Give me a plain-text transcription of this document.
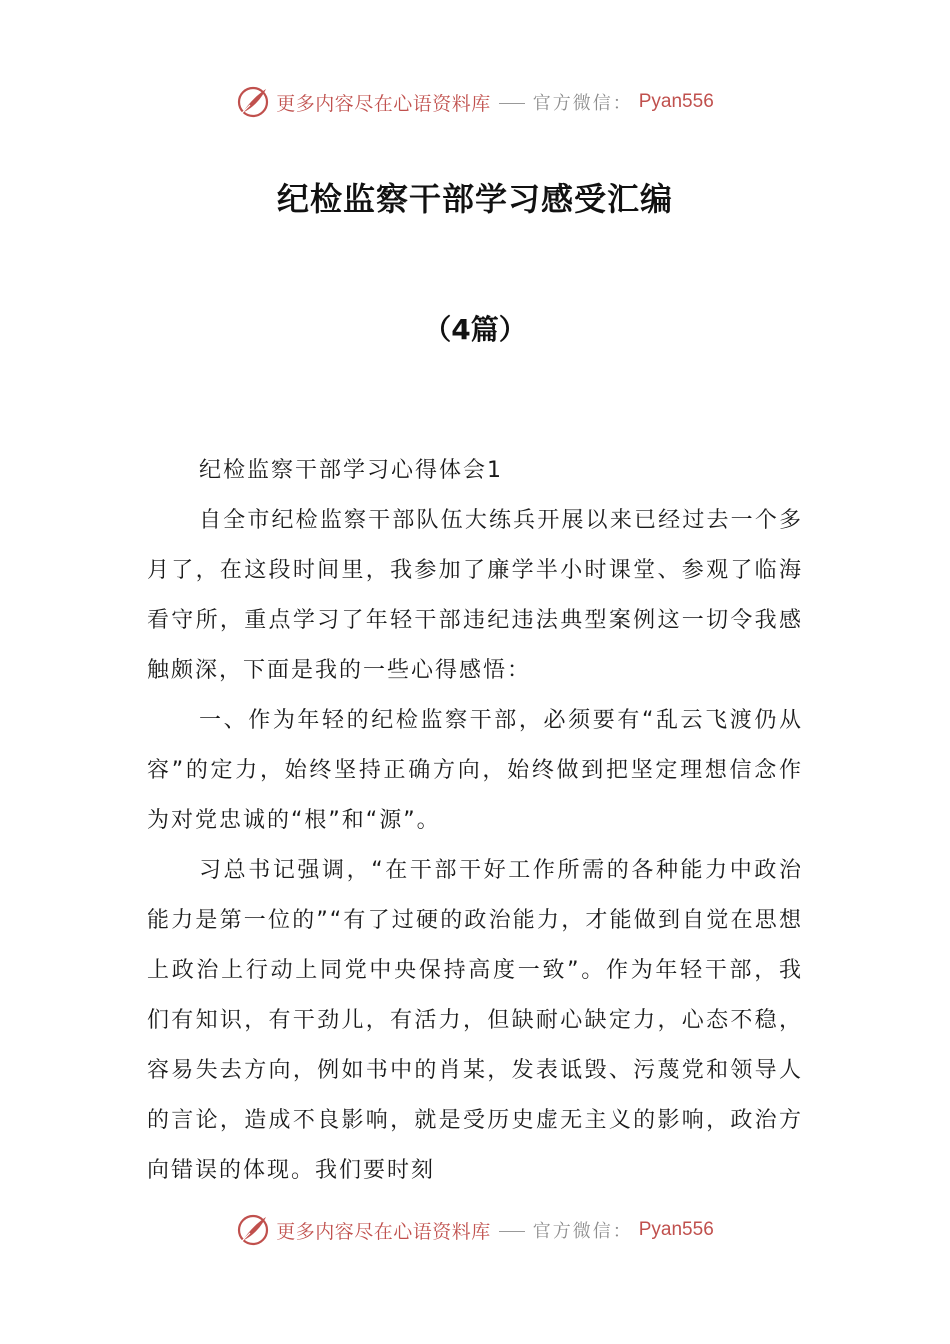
更多内容尽在心语资料库 官方微信： Pyan556
纪检监察干部学习感受汇编
（4篇）

纪检监察干部学习心得体会1

自全市纪检监察干部队伍大练兵开展以来已经过去一个多月了，在这段时间里，我参加了廉学半小时课堂、参观了临海看守所，重点学习了年轻干部违纪违法典型案例这一切令我感触颇深，下面是我的一些心得感悟：

一、作为年轻的纪检监察干部，必须要有“乱云飞渡仍从容”的定力，始终坚持正确方向，始终做到把坚定理想信念作为对党忠诚的“根”和“源”。

习总书记强调，“在干部干好工作所需的各种能力中政治能力是第一位的”“有了过硬的政治能力，才能做到自觉在思想上政治上行动上同党中央保持高度一致”。作为年轻干部，我们有知识，有干劲儿，有活力，但缺耐心缺定力，心态不稳，容易失去方向，例如书中的肖某，发表诋毁、污蔑党和领导人的言论，造成不良影响，就是受历史虚无主义的影响，政治方向错误的体现。我们要时刻

更多内容尽在心语资料库 官方微信： Pyan556
